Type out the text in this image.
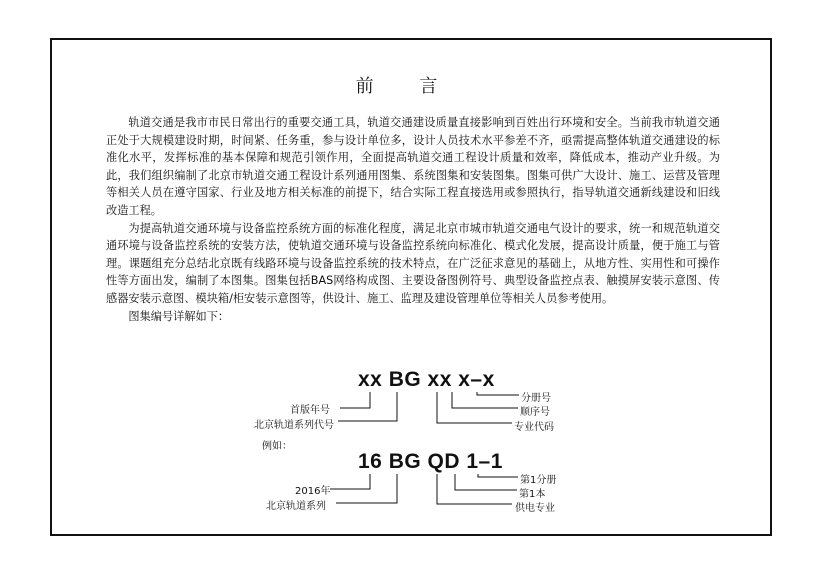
前 言

轨道交通是我市市民日常出行的重要交通工具，轨道交通建设质量直接影响到百姓出行环境和安全。当前我市轨道交通正处于大规模建设时期，时间紧、任务重，参与设计单位多，设计人员技术水平参差不齐，亟需提高整体轨道交通建设的标准化水平，发挥标准的基本保障和规范引领作用，全面提高轨道交通工程设计质量和效率，降低成本，推动产业升级。为此，我们组织编制了北京市轨道交通工程设计系列通用图集、系统图集和安装图集。图集可供广大设计、施工、运营及管理等相关人员在遵守国家、行业及地方相关标准的前提下，结合实际工程直接选用或参照执行，指导轨道交通新线建设和旧线改造工程。

为提高轨道交通环境与设备监控系统方面的标准化程度，满足北京市城市轨道交通电气设计的要求，统一和规范轨道交通环境与设备监控系统的安装方法，使轨道交通环境与设备监控系统向标准化、模式化发展，提高设计质量，便于施工与管理。课题组充分总结北京既有线路环境与设备监控系统的技术特点，在广泛征求意见的基础上，从地方性、实用性和可操作性等方面出发，编制了本图集。图集包括BAS网络构成图、主要设备图例符号、典型设备监控点表、触摸屏安装示意图、传感器安装示意图、模块箱/柜安装示意图等，供设计、施工、监理及建设管理单位等相关人员参考使用。

图集编号详解如下：

xx BG xx x–x
首版年号
北京轨道系列代号	专业代码
顺序号
分册号
例如：
16 BG QD 1–1
2016年
北京轨道系列	供电专业
第1本
第1分册
